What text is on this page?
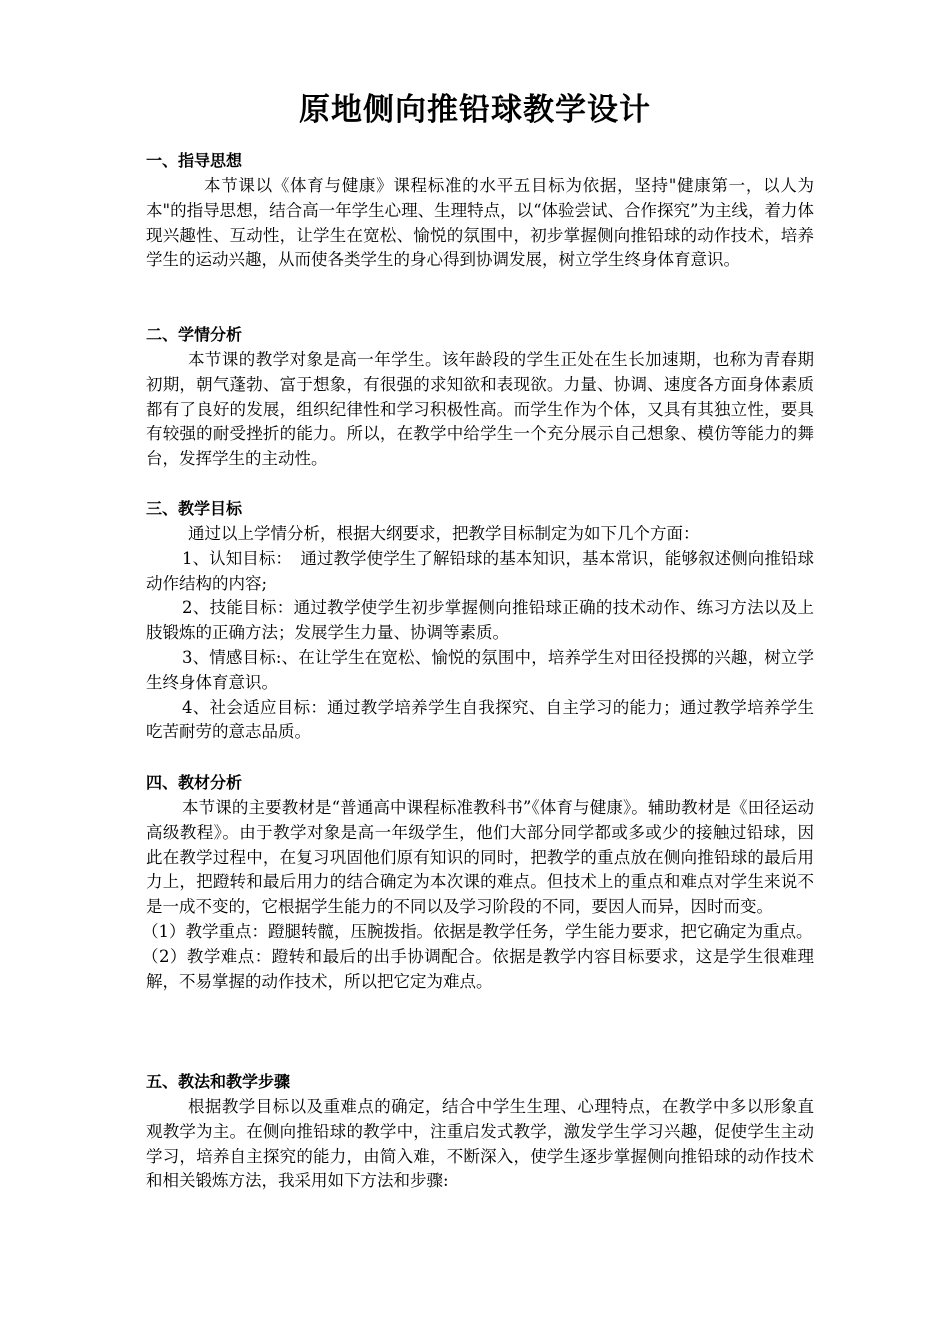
原地侧向推铅球教学设计

一、指导思想

本节课以《体育与健康》课程标准的水平五目标为依据，坚持"健康第一，以人为本"的指导思想，结合高一年学生心理、生理特点，以“体验尝试、合作探究”为主线，着力体现兴趣性、互动性，让学生在宽松、愉悦的氛围中，初步掌握侧向推铅球的动作技术，培养学生的运动兴趣，从而使各类学生的身心得到协调发展，树立学生终身体育意识。

二、学情分析

本节课的教学对象是高一年学生。该年龄段的学生正处在生长加速期，也称为青春期初期，朝气蓬勃、富于想象，有很强的求知欲和表现欲。力量、协调、速度各方面身体素质都有了良好的发展，组织纪律性和学习积极性高。而学生作为个体，又具有其独立性，要具有较强的耐受挫折的能力。所以，在教学中给学生一个充分展示自己想象、模仿等能力的舞台，发挥学生的主动性。

三、教学目标

通过以上学情分析，根据大纲要求，把教学目标制定为如下几个方面：

1、认知目标：　通过教学使学生了解铅球的基本知识，基本常识，能够叙述侧向推铅球动作结构的内容;

2、技能目标：通过教学使学生初步掌握侧向推铅球正确的技术动作、练习方法以及上肢锻炼的正确方法；发展学生力量、协调等素质。

3、情感目标:、在让学生在宽松、愉悦的氛围中，培养学生对田径投掷的兴趣，树立学生终身体育意识。

4、社会适应目标：通过教学培养学生自我探究、自主学习的能力；通过教学培养学生吃苦耐劳的意志品质。

四、教材分析

本节课的主要教材是“普通高中课程标准教科书”《体育与健康》。辅助教材是《田径运动高级教程》。由于教学对象是高一年级学生，他们大部分同学都或多或少的接触过铅球，因此在教学过程中，在复习巩固他们原有知识的同时，把教学的重点放在侧向推铅球的最后用力上，把蹬转和最后用力的结合确定为本次课的难点。但技术上的重点和难点对学生来说不是一成不变的，它根据学生能力的不同以及学习阶段的不同，要因人而异，因时而变。

（1）教学重点：蹬腿转髋，压腕拨指。依据是教学任务，学生能力要求，把它确定为重点。

（2）教学难点：蹬转和最后的出手协调配合。依据是教学内容目标要求，这是学生很难理解，不易掌握的动作技术，所以把它定为难点。

五、教法和教学步骤

根据教学目标以及重难点的确定，结合中学生生理、心理特点，在教学中多以形象直观教学为主。在侧向推铅球的教学中，注重启发式教学，激发学生学习兴趣，促使学生主动学习，培养自主探究的能力，由简入难，不断深入，使学生逐步掌握侧向推铅球的动作技术和相关锻炼方法，我采用如下方法和步骤:
